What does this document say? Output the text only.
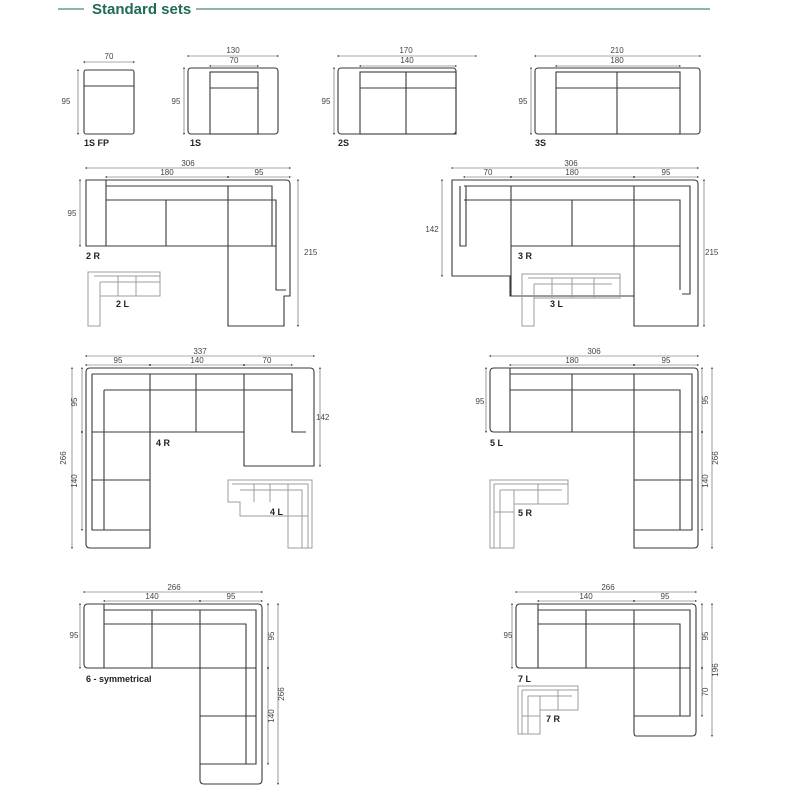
Standard sets
70
95
1S FP
130
70
95
1S
170
140
95
2S
210
180
95
3S
306
180	95
95
215
2 R
2 L
306
70	180	95
142
215
3 R
3 L
337
95	140	70
266
95
140
142
4 R
4 L
306
180	95
95	95
140
266
5 L
5 R
266
140	95
95	95
140
266
6 - symmetrical
266
140	95
95	95
70
196
7 L
7 R
